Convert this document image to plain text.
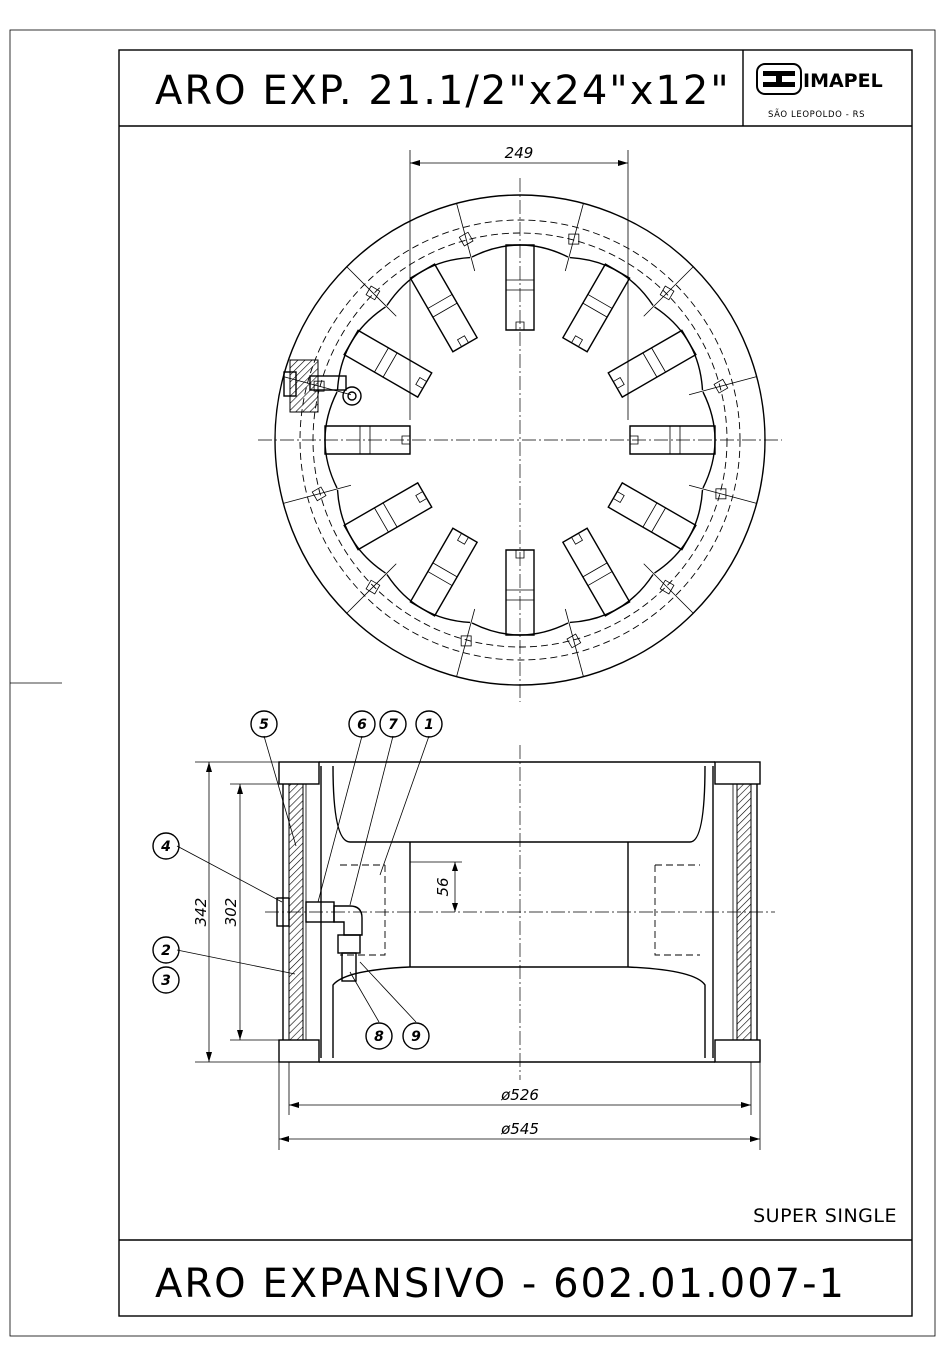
ARO EXP. 21.1/2"x24"x12"
ARO EXPANSIVO - 602.01.007-1
SUPER SINGLE
IMAPEL
SÃO LEOPOLDO - RS
249
342 302
56
ø526
ø545
5	6 7 1
4
2
3
8 9
